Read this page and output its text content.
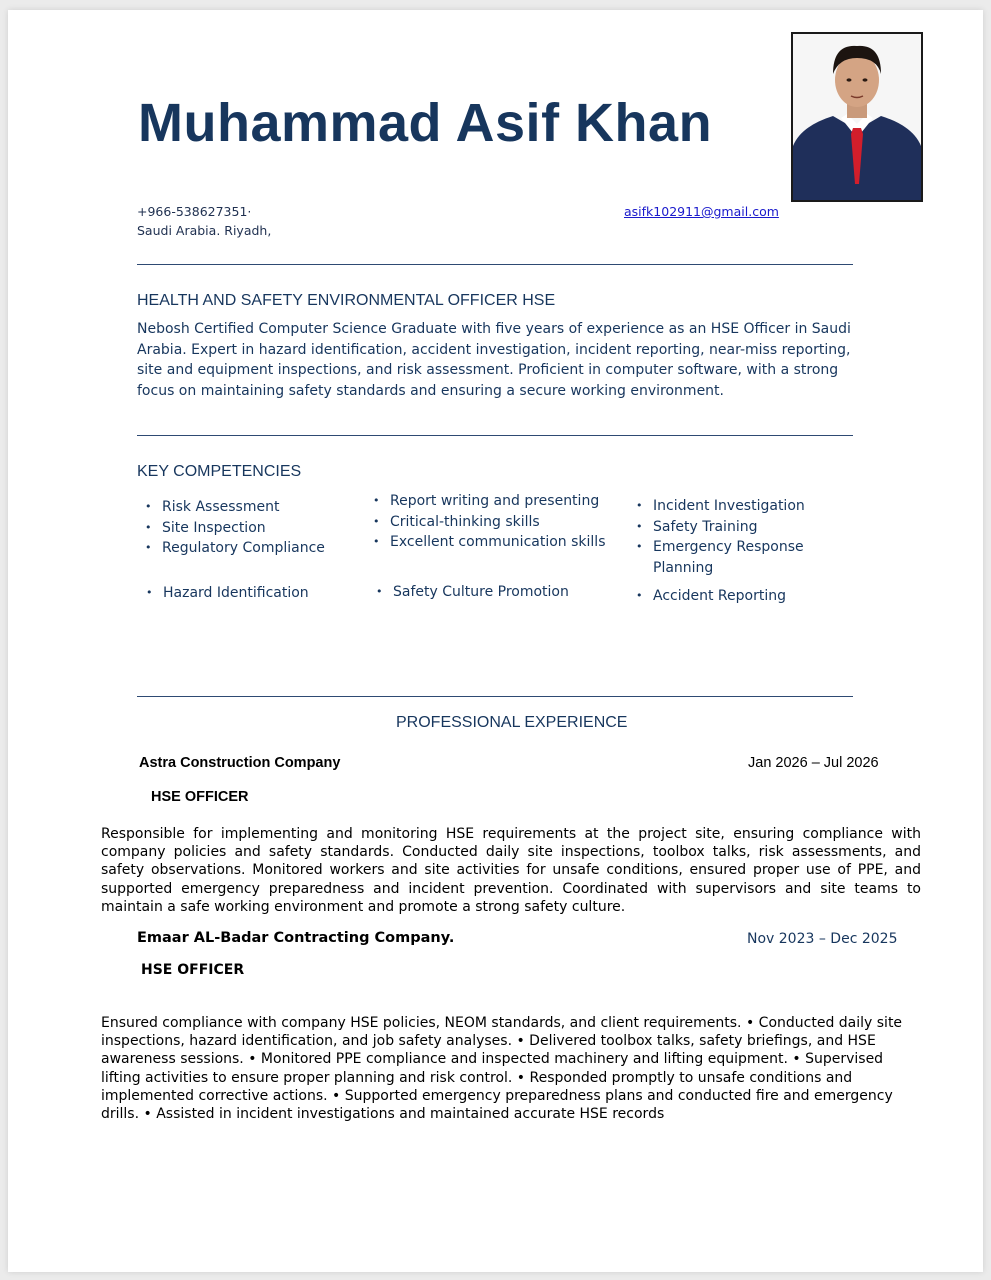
Muhammad Asif Khan
+966-538627351·
Saudi Arabia. Riyadh,
asifk102911@gmail.com
HEALTH AND SAFETY ENVIRONMENTAL OFFICER HSE
Nebosh Certified Computer Science Graduate with five years of experience as an HSE Officer in Saudi Arabia. Expert in hazard identification, accident investigation, incident reporting, near-miss reporting, site and equipment inspections, and risk assessment. Proficient in computer software, with a strong focus on maintaining safety standards and ensuring a secure working environment.
KEY COMPETENCIES
• Risk Assessment
• Site Inspection
• Regulatory Compliance
• Report writing and presenting
• Critical-thinking skills
• Excellent communication skills
• Incident Investigation
• Safety Training
• Emergency Response Planning
• Hazard Identification	• Safety Culture Promotion	• Accident Reporting
PROFESSIONAL EXPERIENCE
Astra Construction Company	Jan 2026 – Jul 2026
HSE OFFICER
Responsible for implementing and monitoring HSE requirements at the project site, ensuring compliance with company policies and safety standards. Conducted daily site inspections, toolbox talks, risk assessments, and safety observations. Monitored workers and site activities for unsafe conditions, ensured proper use of PPE, and supported emergency preparedness and incident prevention. Coordinated with supervisors and site teams to maintain a safe working environment and promote a strong safety culture.
Emaar AL-Badar Contracting Company.	Nov 2023 – Dec 2025
HSE OFFICER
Ensured compliance with company HSE policies, NEOM standards, and client requirements. • Conducted daily site inspections, hazard identification, and job safety analyses. • Delivered toolbox talks, safety briefings, and HSE awareness sessions. • Monitored PPE compliance and inspected machinery and lifting equipment. • Supervised lifting activities to ensure proper planning and risk control. • Responded promptly to unsafe conditions and implemented corrective actions. • Supported emergency preparedness plans and conducted fire and emergency drills. • Assisted in incident investigations and maintained accurate HSE records
